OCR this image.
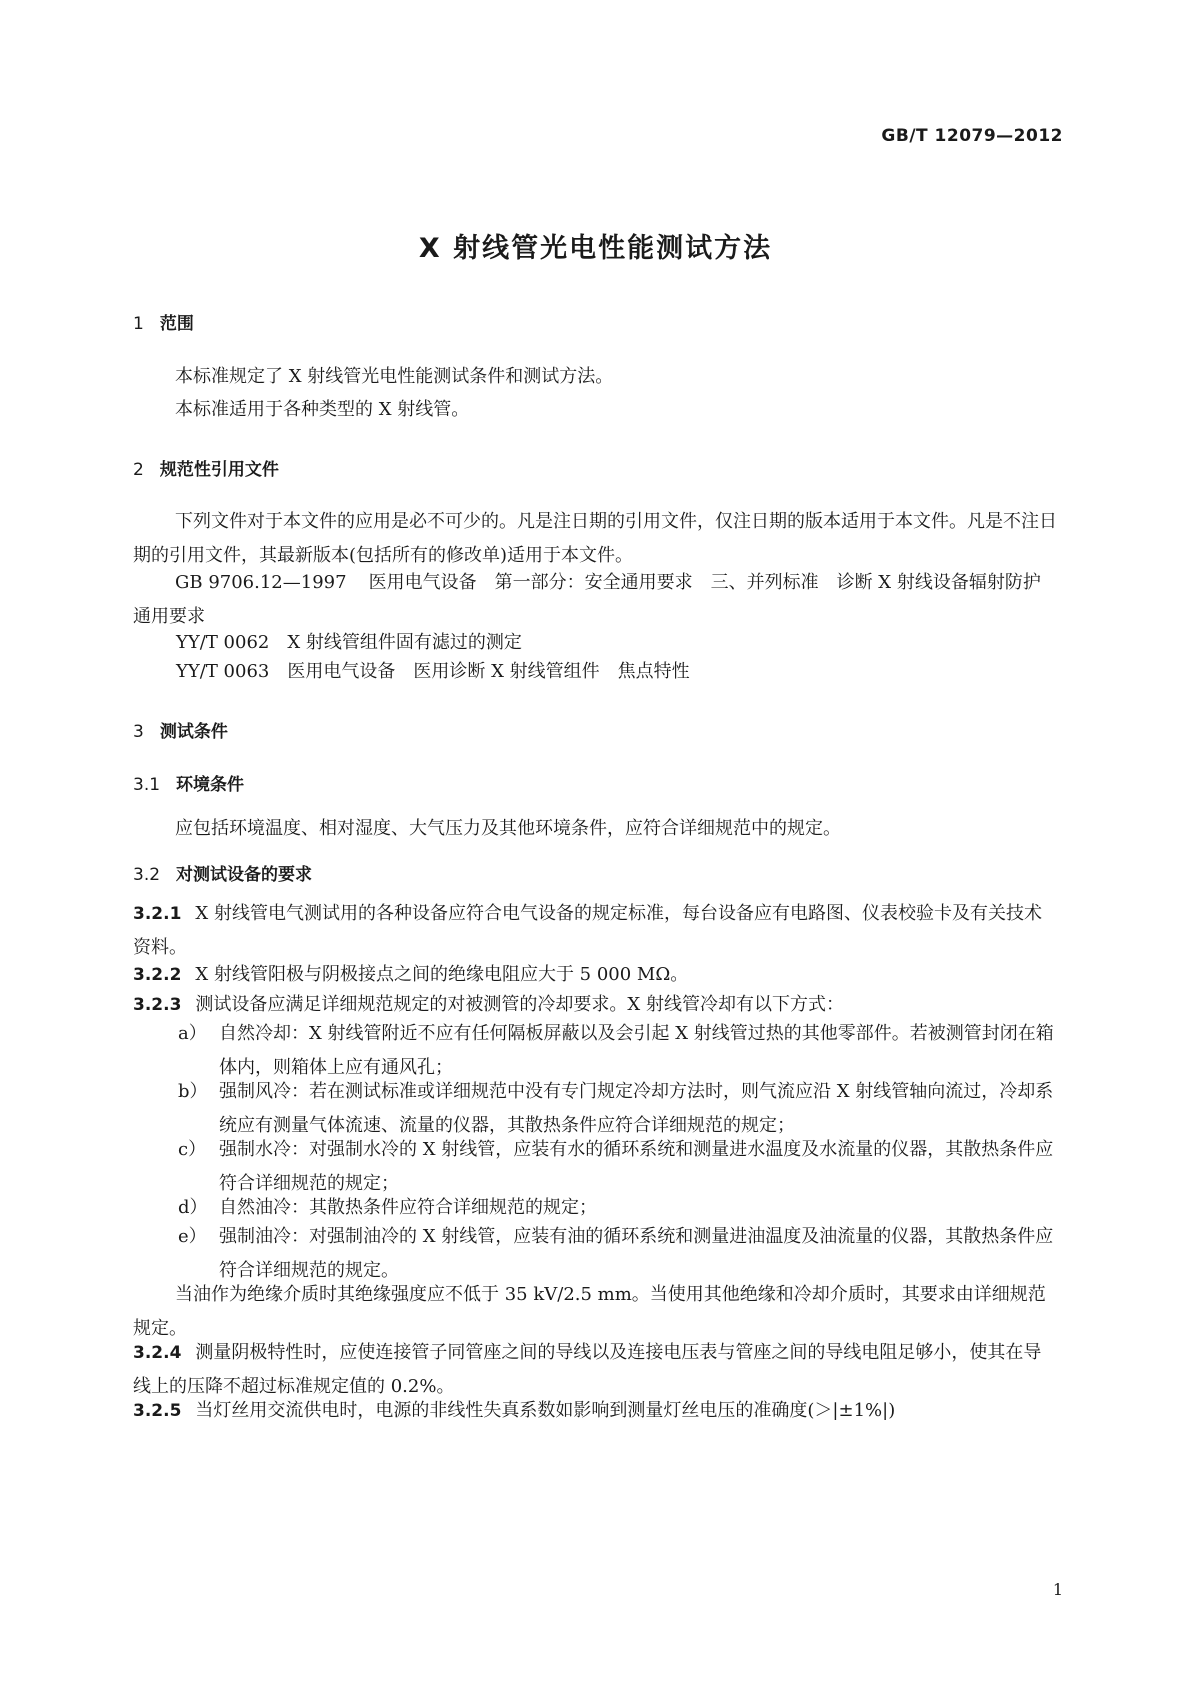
GB/T 12079—2012
X 射线管光电性能测试方法
1 范围
本标准规定了 X 射线管光电性能测试条件和测试方法。
本标准适用于各种类型的 X 射线管。
2 规范性引用文件
下列文件对于本文件的应用是必不可少的。凡是注日期的引用文件，仅注日期的版本适用于本文件。凡是不注日期的引用文件，其最新版本(包括所有的修改单)适用于本文件。
GB 9706.12—1997 医用电气设备　第一部分：安全通用要求　三、并列标准　诊断 X 射线设备辐射防护通用要求
YY/T 0062 X 射线管组件固有滤过的测定
YY/T 0063 医用电气设备　医用诊断 X 射线管组件　焦点特性
3 测试条件
3.1 环境条件
应包括环境温度、相对湿度、大气压力及其他环境条件，应符合详细规范中的规定。
3.2 对测试设备的要求
3.2.1 X 射线管电气测试用的各种设备应符合电气设备的规定标准，每台设备应有电路图、仪表校验卡及有关技术资料。
3.2.2 X 射线管阳极与阴极接点之间的绝缘电阻应大于 5 000 MΩ。
3.2.3 测试设备应满足详细规范规定的对被测管的冷却要求。X 射线管冷却有以下方式：
a） 自然冷却：X 射线管附近不应有任何隔板屏蔽以及会引起 X 射线管过热的其他零部件。若被测管封闭在箱体内，则箱体上应有通风孔；
b） 强制风冷：若在测试标准或详细规范中没有专门规定冷却方法时，则气流应沿 X 射线管轴向流过，冷却系统应有测量气体流速、流量的仪器，其散热条件应符合详细规范的规定；
c） 强制水冷：对强制水冷的 X 射线管，应装有水的循环系统和测量进水温度及水流量的仪器，其散热条件应符合详细规范的规定；
d） 自然油冷：其散热条件应符合详细规范的规定；
e） 强制油冷：对强制油冷的 X 射线管，应装有油的循环系统和测量进油温度及油流量的仪器，其散热条件应符合详细规范的规定。
当油作为绝缘介质时其绝缘强度应不低于 35 kV/2.5 mm。当使用其他绝缘和冷却介质时，其要求由详细规范规定。
3.2.4 测量阴极特性时，应使连接管子同管座之间的导线以及连接电压表与管座之间的导线电阻足够小，使其在导线上的压降不超过标准规定值的 0.2%。
3.2.5 当灯丝用交流供电时，电源的非线性失真系数如影响到测量灯丝电压的准确度(＞|±1%|)
1
